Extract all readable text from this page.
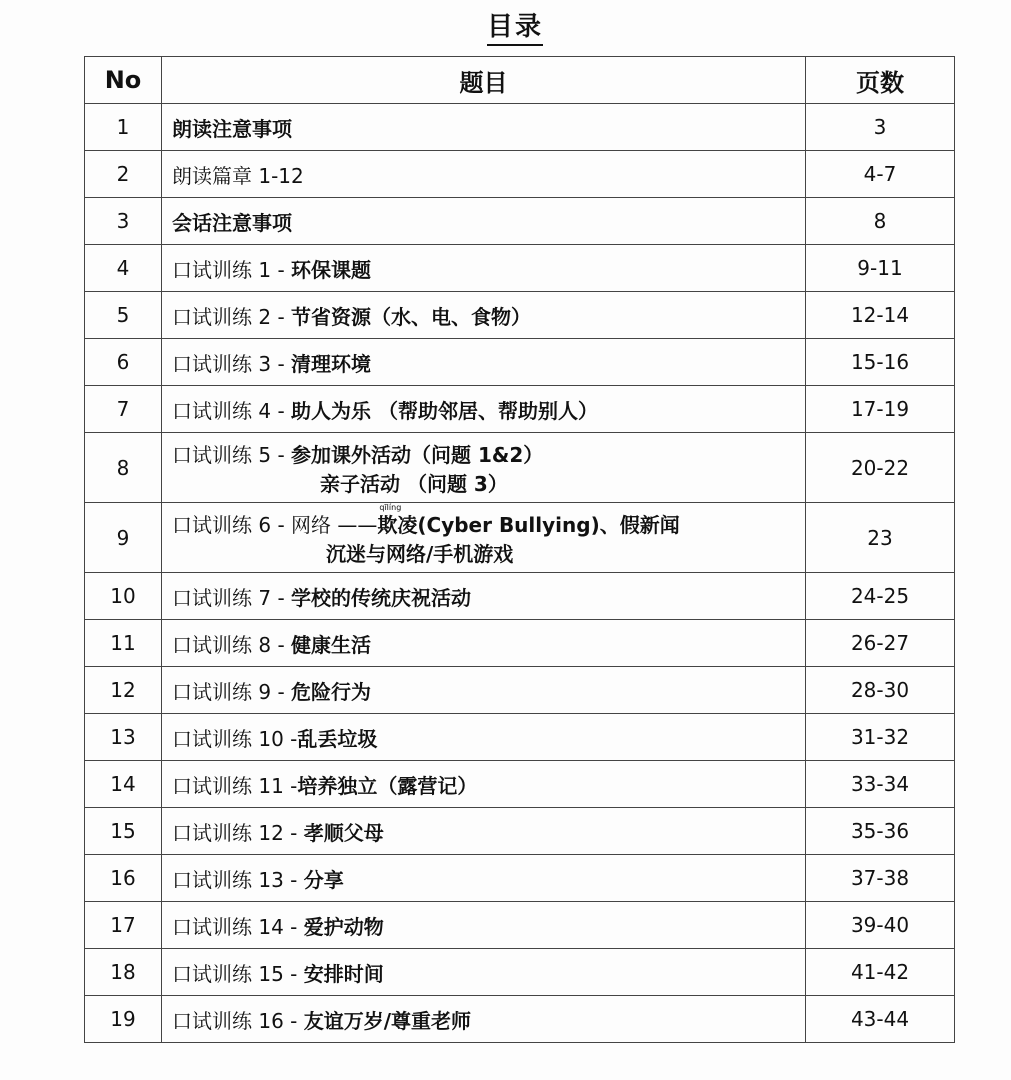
目录
No	题目	页数
1	朗读注意事项	3
2	朗读篇章 1-12	4-7
3	会话注意事项	8
4	口试训练 1 - 环保课题	9-11
5	口试训练 2 - 节省资源（水、电、食物）	12-14
6	口试训练 3 - 清理环境	15-16
7	口试训练 4 - 助人为乐 （帮助邻居、帮助别人）	17-19
8	口试训练 5 - 参加课外活动（问题 1&2）
亲子活动 （问题 3）	20-22
9	口试训练 6 - 网络 ——
qīlíng
欺凌(Cyber Bullying)、假新闻
沉迷与网络/手机游戏	23
10	口试训练 7 - 学校的传统庆祝活动	24-25
11	口试训练 8 - 健康生活	26-27
12	口试训练 9 - 危险行为	28-30
13	口试训练 10 -乱丢垃圾	31-32
14	口试训练 11 -培养独立（露营记）	33-34
15	口试训练 12 - 孝顺父母	35-36
16	口试训练 13 - 分享	37-38
17	口试训练 14 - 爱护动物	39-40
18	口试训练 15 - 安排时间	41-42
19	口试训练 16 - 友谊万岁/尊重老师	43-44
